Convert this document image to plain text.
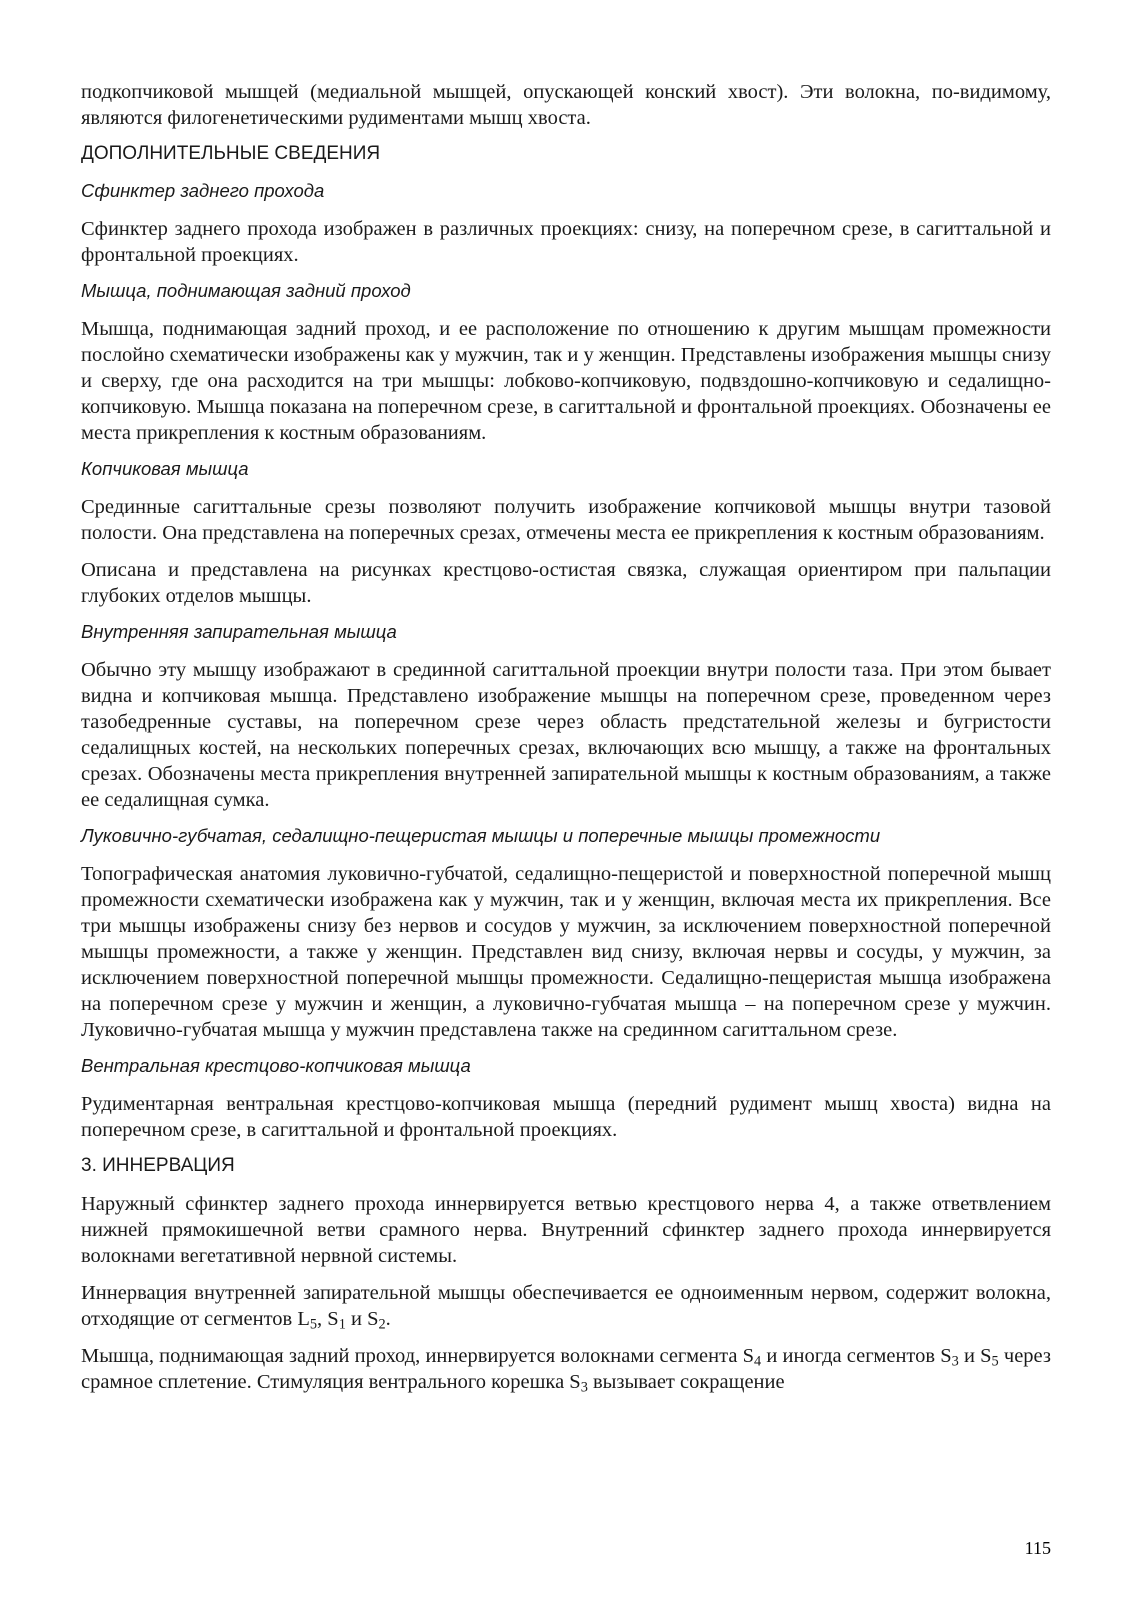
подкопчиковой мышцей (медиальной мышцей, опускающей конский хвост). Эти волокна, по-видимому, являются филогенетическими рудиментами мышц хвоста.

ДОПОЛНИТЕЛЬНЫЕ СВЕДЕНИЯ
Сфинктер заднего прохода

Сфинктер заднего прохода изображен в различных проекциях: снизу, на поперечном срезе, в сагиттальной и фронтальной проекциях.

Мышца, поднимающая задний проход

Мышца, поднимающая задний проход, и ее расположение по отношению к другим мышцам промежности послойно схематически изображены как у мужчин, так и у женщин. Представлены изображения мышцы снизу и сверху, где она расходится на три мышцы: лобково-копчиковую, подвздошно-копчиковую и седалищно-копчиковую. Мышца показана на поперечном срезе, в сагиттальной и фронтальной проекциях. Обозначены ее места прикрепления к костным образованиям.

Копчиковая мышца

Срединные сагиттальные срезы позволяют получить изображение копчиковой мышцы внутри тазовой полости. Она представлена на поперечных срезах, отмечены места ее прикрепления к костным образованиям.

Описана и представлена на рисунках крестцово-остистая связка, служащая ориентиром при пальпации глубоких отделов мышцы.

Внутренняя запирательная мышца

Обычно эту мышцу изображают в срединной сагиттальной проекции внутри полости таза. При этом бывает видна и копчиковая мышца. Представлено изображение мышцы на поперечном срезе, проведенном через тазобедренные суставы, на поперечном срезе через область предстательной железы и бугристости седалищных костей, на нескольких поперечных срезах, включающих всю мышцу, а также на фронтальных срезах. Обозначены места прикрепления внутренней запирательной мышцы к костным образованиям, а также ее седалищная сумка.

Луковично-губчатая, седалищно-пещеристая мышцы и поперечные мышцы промежности

Топографическая анатомия луковично-губчатой, седалищно-пещеристой и поверхностной поперечной мышц промежности схематически изображена как у мужчин, так и у женщин, включая места их прикрепления. Все три мышцы изображены снизу без нервов и сосудов у мужчин, за исключением поверхностной поперечной мышцы промежности, а также у женщин. Представлен вид снизу, включая нервы и сосуды, у мужчин, за исключением поверхностной поперечной мышцы промежности. Седалищно-пещеристая мышца изображена на поперечном срезе у мужчин и женщин, а луковично-губчатая мышца – на поперечном срезе у мужчин. Луковично-губчатая мышца у мужчин представлена также на срединном сагиттальном срезе.

Вентральная крестцово-копчиковая мышца

Рудиментарная вентральная крестцово-копчиковая мышца (передний рудимент мышц хвоста) видна на поперечном срезе, в сагиттальной и фронтальной проекциях.

3. ИННЕРВАЦИЯ

Наружный сфинктер заднего прохода иннервируется ветвью крестцового нерва 4, а также ответвлением нижней прямокишечной ветви срамного нерва. Внутренний сфинктер заднего прохода иннервируется волокнами вегетативной нервной системы.

Иннервация внутренней запирательной мышцы обеспечивается ее одноименным нервом, содержит волокна, отходящие от сегментов $L_5$, $S_1$ и $S_2$.

Мышца, поднимающая задний проход, иннервируется волокнами сегмента $S_4$ и иногда сегментов $S_3$ и $S_5$ через срамное сплетение. Стимуляция вентрального корешка $S_3$ вызывает сокращение

115
